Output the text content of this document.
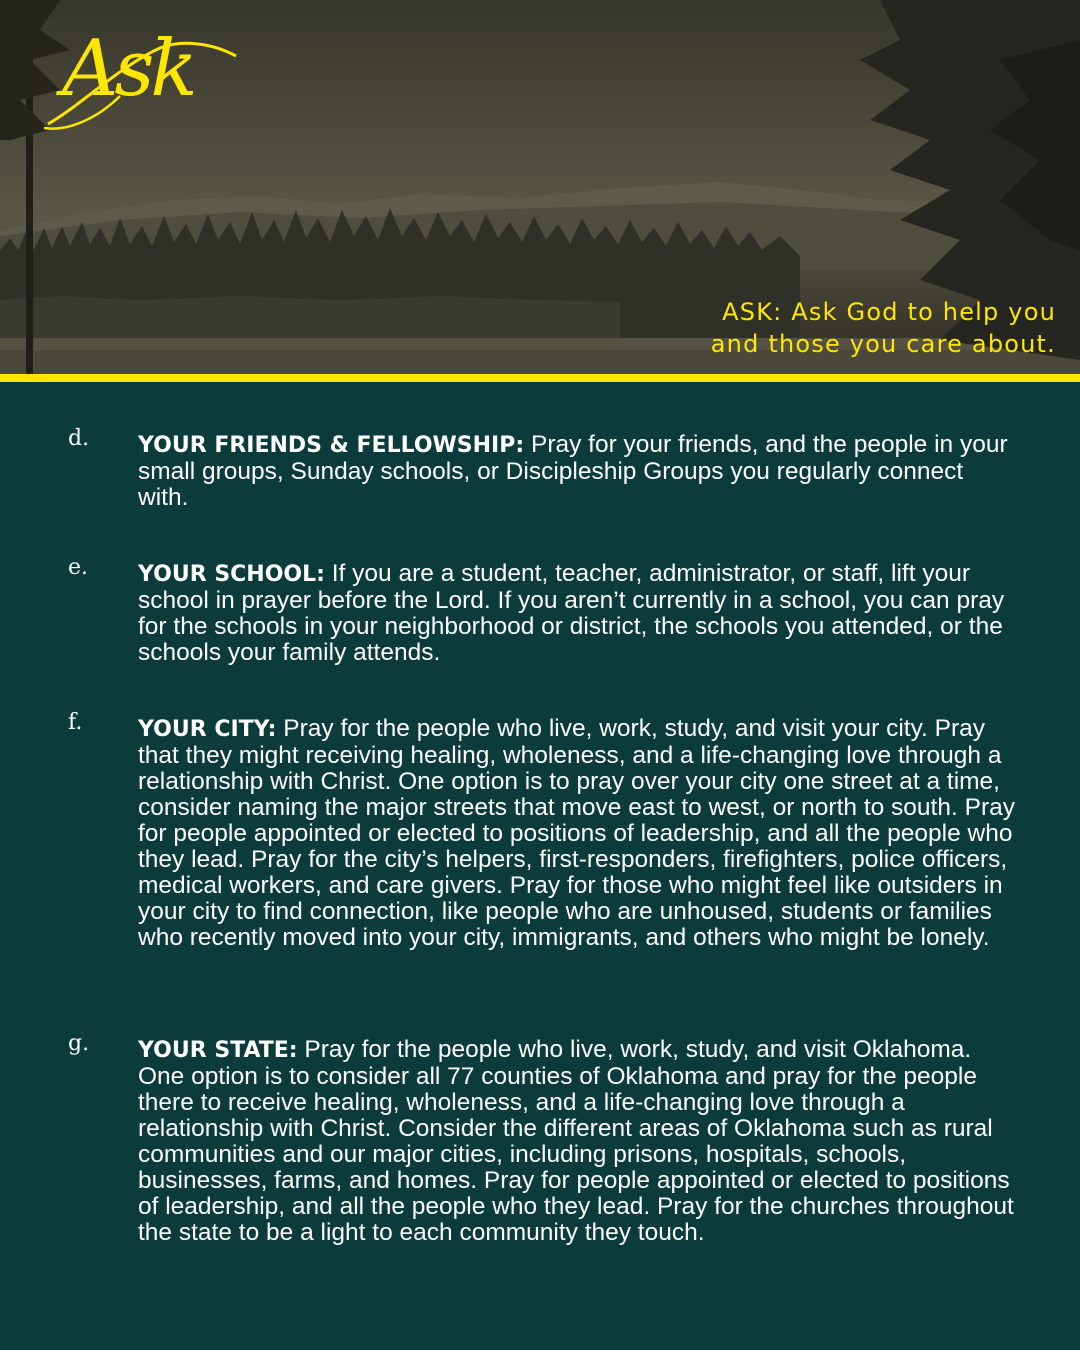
Ask
ASK: Ask God to help you
and those you care about.
d. YOUR FRIENDS & FELLOWSHIP: Pray for your friends, and the people in your small groups, Sunday schools, or Discipleship Groups you regularly connect with.
e. YOUR SCHOOL: If you are a student, teacher, administrator, or staff, lift your school in prayer before the Lord. If you aren’t currently in a school, you can pray for the schools in your neighborhood or district, the schools you attended, or the schools your family attends.
f.	YOUR CITY: Pray for the people who live, work, study, and visit your city. Pray that they might receiving healing, wholeness, and a life-changing love through a relationship with Christ. One option is to pray over your city one street at a time, consider naming the major streets that move east to west, or north to south. Pray for people appointed or elected to positions of leadership, and all the people who they lead. Pray for the city’s helpers, first-responders, firefighters, police officers, medical workers, and care givers. Pray for those who might feel like outsiders in your city to find connection, like people who are unhoused, students or families who recently moved into your city, immigrants, and others who might be lonely.
g. YOUR STATE: Pray for the people who live, work, study, and visit Oklahoma. One option is to consider all 77 counties of Oklahoma and pray for the people there to receive healing, wholeness, and a life-changing love through a relationship with Christ. Consider the different areas of Oklahoma such as rural communities and our major cities, including prisons, hospitals, schools, businesses, farms, and homes. Pray for people appointed or elected to positions of leadership, and all the people who they lead. Pray for the churches throughout the state to be a light to each community they touch.
